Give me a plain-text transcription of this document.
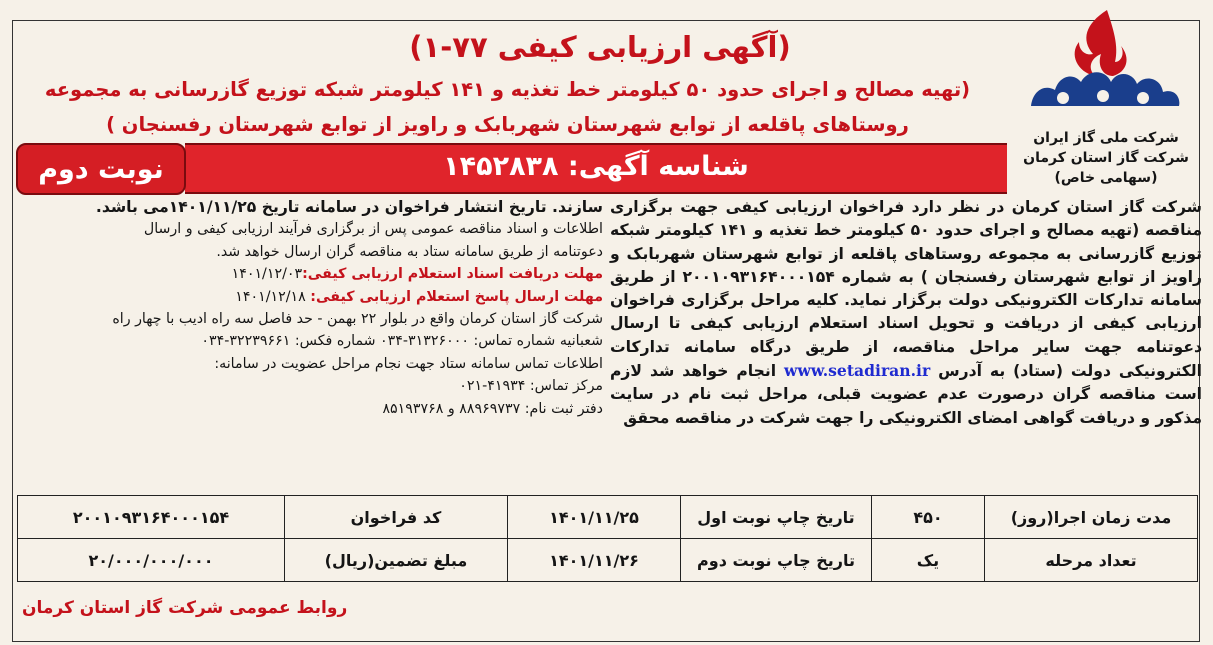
شرکت ملی گاز ایران
شرکت گاز استان کرمان
(سهامی خاص)
(آگهی ارزیابی کیفی ۷۷-۱)
(تهیه مصالح و اجرای حدود ۵۰ کیلومتر خط تغذیه و ۱۴۱ کیلومتر شبکه توزیع گازرسانی به مجموعه روستاهای پاقلعه از توابع شهرستان شهربابک و راویز از توابع شهرستان رفسنجان )
شناسه آگهی: ۱۴۵۲۸۳۸
نوبت دوم

شرکت گاز استان کرمان در نظر دارد فراخوان ارزیابی کیفی جهت برگزاری مناقصه (تهیه مصالح و اجرای حدود ۵۰ کیلومتر خط تغذیه و ۱۴۱ کیلومتر شبکه توزیع گازرسانی به مجموعه روستاهای پاقلعه از توابع شهرستان شهربابک و راویز از توابع شهرستان رفسنجان ) به شماره ۲۰۰۱۰۹۳۱۶۴۰۰۰۱۵۴ از طریق سامانه تدارکات الکترونیکی دولت برگزار نماید. کلیه مراحل برگزاری فراخوان ارزیابی کیفی از دریافت و تحویل اسناد استعلام ارزیابی کیفی تا ارسال دعوتنامه جهت سایر مراحل مناقصه، از طریق درگاه سامانه تدارکات الکترونیکی دولت (ستاد) به آدرس www.setadiran.ir انجام خواهد شد لازم است مناقصه گران درصورت عدم عضویت قبلی، مراحل ثبت نام در سایت مذکور و دریافت گواهی امضای الکترونیکی را جهت شرکت در مناقصه محقق

سازند. تاریخ انتشار فراخوان در سامانه تاریخ ۱۴۰۱/۱۱/۲۵می باشد.
اطلاعات و اسناد مناقصه عمومی پس از برگزاری فرآیند ارزیابی کیفی و ارسال
دعوتنامه از طریق سامانه ستاد به مناقصه گران ارسال خواهد شد.
مهلت دریافت اسناد استعلام ارزیابی کیفی:۱۴۰۱/۱۲/۰۳
مهلت ارسال پاسخ استعلام ارزیابی کیفی: ۱۴۰۱/۱۲/۱۸
شرکت گاز استان کرمان واقع در بلوار ۲۲ بهمن - حد فاصل سه راه ادیب با چهار راه
شعبانیه شماره تماس: ۳۱۳۲۶۰۰۰-۰۳۴ شماره فکس: ۳۲۲۳۹۶۶۱-۰۳۴
اطلاعات تماس سامانه ستاد جهت نجام مراحل عضویت در سامانه:
مرکز تماس: ۴۱۹۳۴-۰۲۱
دفتر ثبت نام: ۸۸۹۶۹۷۳۷ و ۸۵۱۹۳۷۶۸
مدت زمان اجرا(روز)	۴۵۰	تاریخ چاپ نوبت اول	۱۴۰۱/۱۱/۲۵	کد فراخوان	۲۰۰۱۰۹۳۱۶۴۰۰۰۱۵۴
تعداد مرحله	یک	تاریخ چاپ نوبت دوم	۱۴۰۱/۱۱/۲۶	مبلغ تضمین(ریال)	۲۰/۰۰۰/۰۰۰/۰۰۰
روابط عمومی شرکت گاز استان کرمان
